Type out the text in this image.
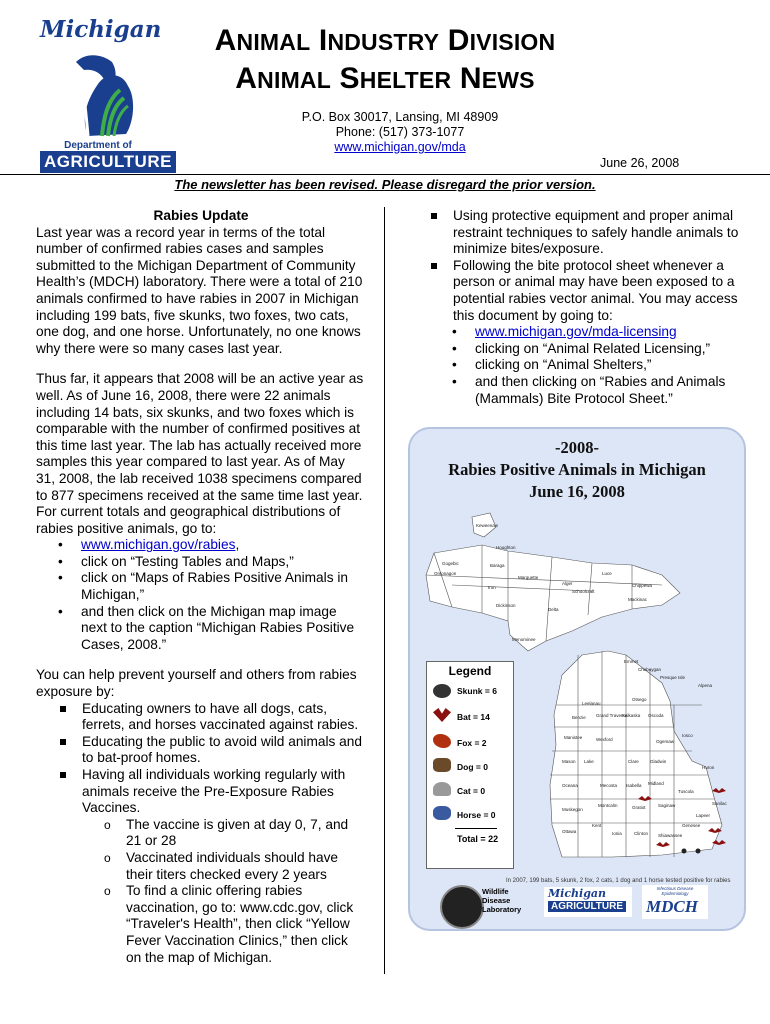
Michigan
Department of
AGRICULTURE
ANIMAL INDUSTRY DIVISION
ANIMAL SHELTER NEWS
P.O. Box 30017, Lansing, MI 48909
Phone: (517) 373-1077
www.michigan.gov/mda
June 26, 2008
The newsletter has been revised. Please disregard the prior version.
Rabies Update

Last year was a record year in terms of the total number of confirmed rabies cases and samples submitted to the Michigan Department of Community Health’s (MDCH) laboratory. There were a total of 210 animals confirmed to have rabies in 2007 in Michigan including 199 bats, five skunks, two foxes, two cats, one dog, and one horse. Unfortunately, no one knows why there were so many cases last year.

Thus far, it appears that 2008 will be an active year as well. As of June 16, 2008, there were 22 animals including 14 bats, six skunks, and two foxes which is comparable with the number of confirmed positives at this time last year. The lab has actually received more samples this year compared to last year. As of May 31, 2008, the lab received 1038 specimens compared to 877 specimens received at the same time last year. For current totals and geographical distributions of rabies positive animals, go to:

• www.michigan.gov/rabies,
• click on “Testing Tables and Maps,”
• click on “Maps of Rabies Positive Animals in Michigan,”
• and then click on the Michigan map image next to the caption “Michigan Rabies Positive Cases, 2008.”

You can help prevent yourself and others from rabies exposure by:

Educating owners to have all dogs, cats, ferrets, and horses vaccinated against rabies.
Educating the public to avoid wild animals and to bat-proof homes.
Having all individuals working regularly with animals receive the Pre-Exposure Rabies Vaccines.
o The vaccine is given at day 0, 7, and 21 or 28
o Vaccinated individuals should have their titers checked every 2 years
o To find a clinic offering rabies vaccination, go to: www.cdc.gov, click “Traveler's Health”, then click “Yellow Fever Vaccination Clinics,” then click on the map of Michigan.
Using protective equipment and proper animal restraint techniques to safely handle animals to minimize bites/exposure.
Following the bite protocol sheet whenever a person or animal may have been exposed to a potential rabies vector animal. You may access this document by going to:
• www.michigan.gov/mda-licensing
• clicking on “Animal Related Licensing,”
• clicking on “Animal Shelters,”
• and then clicking on “Rabies and Animals (Mammals) Bite Protocol Sheet.”
-2008-
Rabies Positive Animals in Michigan
June 16, 2008
Keweenaw
Houghton
Gogebic
Ontonagon
Baraga
Marquette
Alger
Luce
Chippewa
Schoolcraft
Iron
Dickinson
Delta
Mackinac
Menominee
Emmet
Cheboygan
Presque Isle
Alpena
Leelanau
Otsego
Benzie Grand Traverse
Kalkaska Oscoda
Manistee	Wexford	Ogemaw
Iosco
Mason Lake	Clare Gladwin
Huron
Oceana	Mecosta Isabella Midland
Tuscola
Muskegon
Montcalm	Gratiot	Saginaw	Sanilac
Ottawa
Kent
Ionia	Clinton Shiawassee
Genesee
Lapeer
Legend
Skunk = 6
Bat = 14
Fox = 2
Dog = 0
Cat = 0
Horse = 0
Total = 22
In 2007, 199 bats, 5 skunk, 2 fox, 2 cats, 1 dog and 1 horse tested positive for rabies
Wildlife
Disease
Laboratory
Michigan
AGRICULTURE
Infectious Disease Epidemiology
MDCH
